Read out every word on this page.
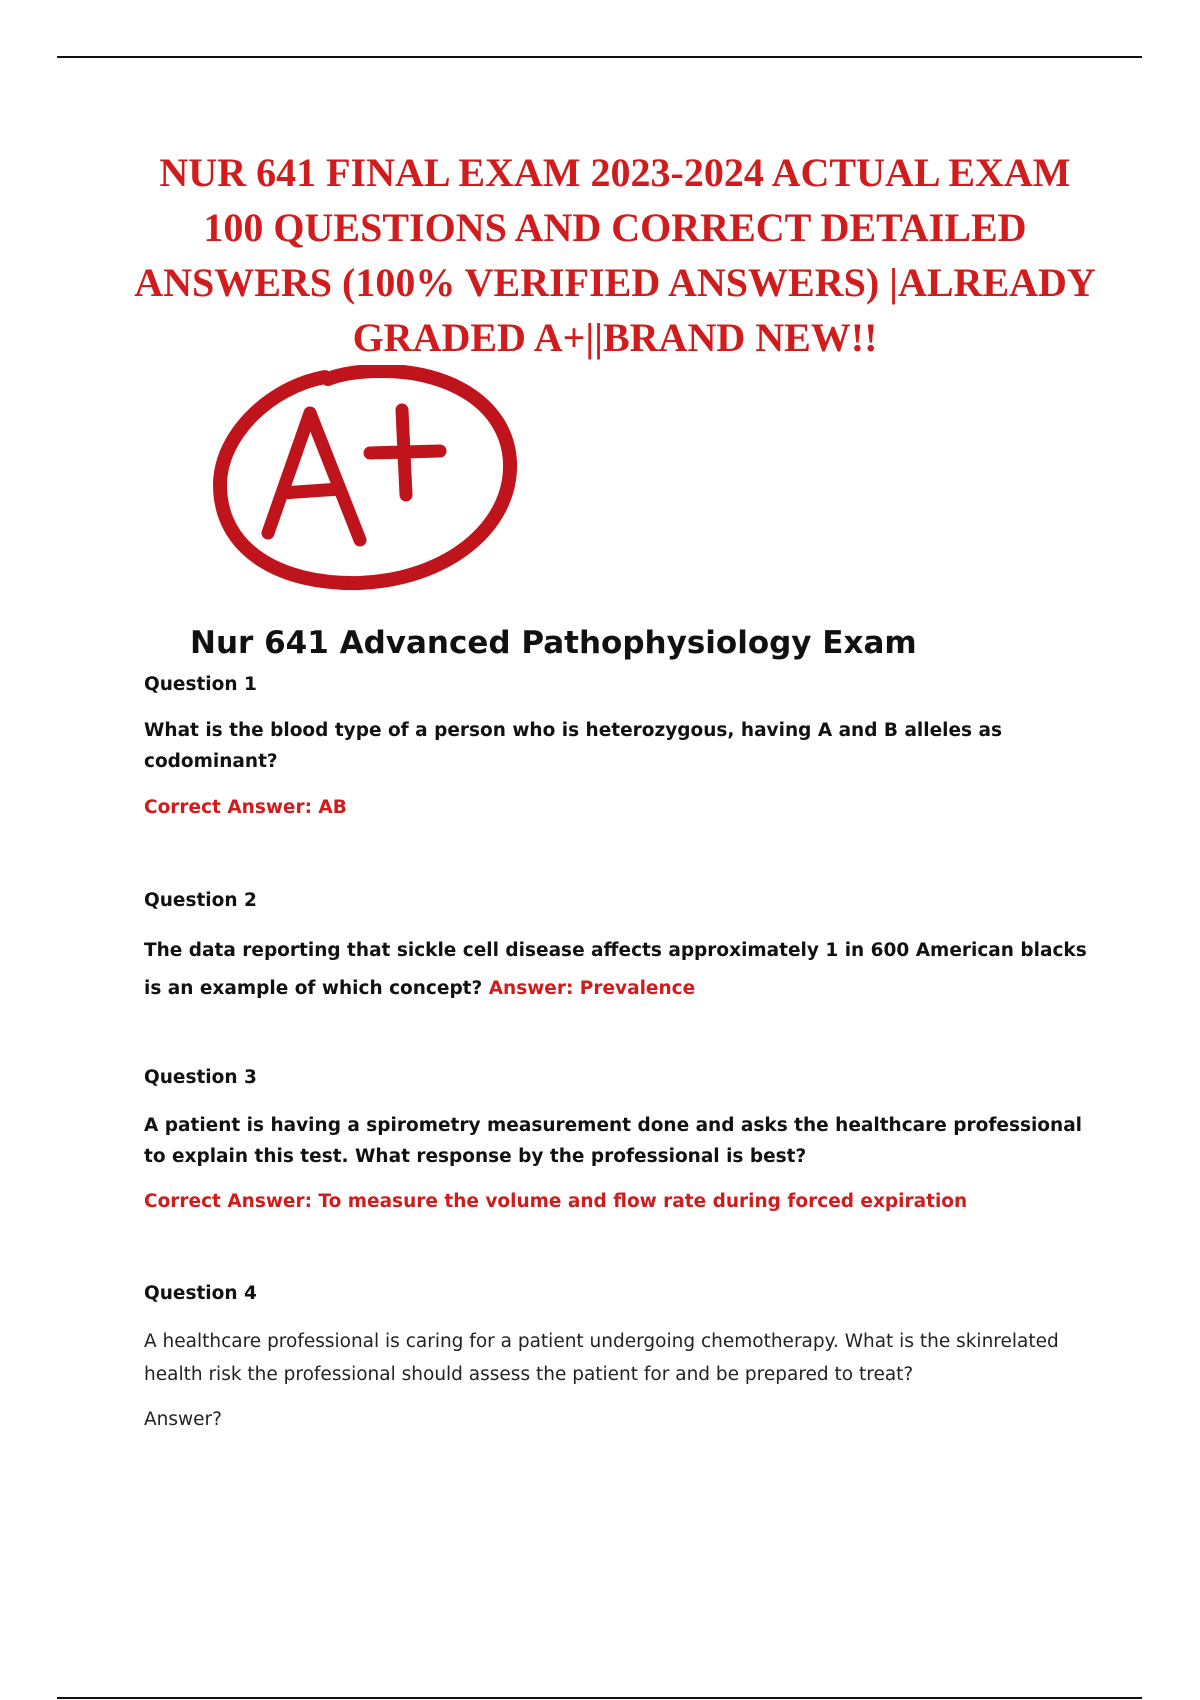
NUR 641 FINAL EXAM 2023-2024 ACTUAL EXAM 100 QUESTIONS AND CORRECT DETAILED ANSWERS (100% VERIFIED ANSWERS) |ALREADY GRADED A+||BRAND NEW!!
Nur 641 Advanced Pathophysiology Exam

Question 1

What is the blood type of a person who is heterozygous, having A and B alleles as codominant?

Correct Answer: AB

Question 2

The data reporting that sickle cell disease affects approximately 1 in 600 American blacks is an example of which concept? Answer: Prevalence

Question 3

A patient is having a spirometry measurement done and asks the healthcare professional to explain this test. What response by the professional is best?

Correct Answer: To measure the volume and flow rate during forced expiration

Question 4

A healthcare professional is caring for a patient undergoing chemotherapy. What is the skinrelated health risk the professional should assess the patient for and be prepared to treat?

Answer?
